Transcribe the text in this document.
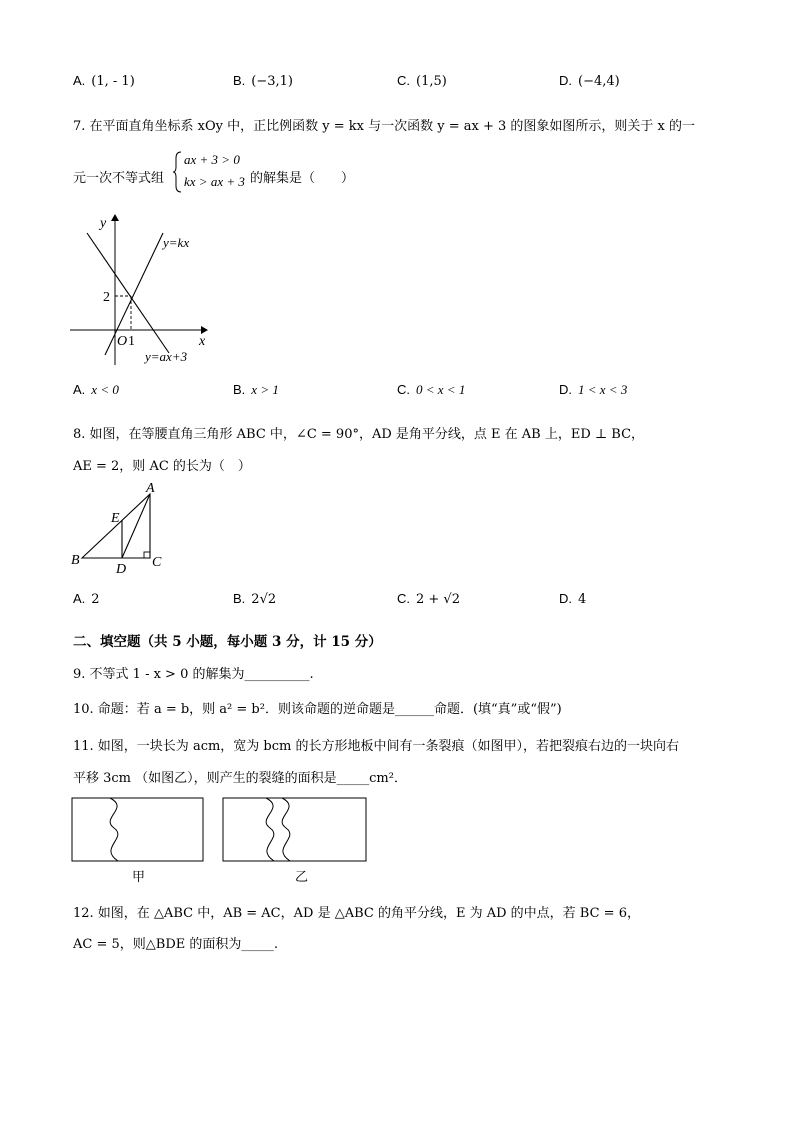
A. (1, - 1)	B. (−3,1)	C. (1,5)	D. (−4,4)
7. 在平面直角坐标系 xOy 中，正比例函数 y = kx 与一次函数 y = ax + 3 的图象如图所示，则关于 x 的一
元一次不等式组
ax + 3 > 0
kx > ax + 3 的解集是（　　）
y
x
O 1
2
y=kx
y=ax+3
A. x < 0	B. x > 1	C. 0 < x < 1	D. 1 < x < 3
8. 如图，在等腰直角三角形 ABC 中，∠C = 90°，AD 是角平分线，点 E 在 AB 上，ED ⊥ BC，
AE = 2，则 AC 的长为（　）
A
B	C
D
E
A. 2	B. 2√2	C. 2 + √2	D. 4
二、填空题（共 5 小题，每小题 3 分，计 15 分）
9. 不等式 1 - x > 0 的解集为__________.
10. 命题：若 a = b，则 a² = b²．则该命题的逆命题是______命题．(填“真”或“假”)
11. 如图，一块长为 acm，宽为 bcm 的长方形地板中间有一条裂痕（如图甲），若把裂痕右边的一块向右
平移 3cm （如图乙），则产生的裂缝的面积是_____cm²．
甲	乙
12. 如图，在 △ABC 中，AB = AC，AD 是 △ABC 的角平分线，E 为 AD 的中点，若 BC = 6，
AC = 5，则△BDE 的面积为_____.
